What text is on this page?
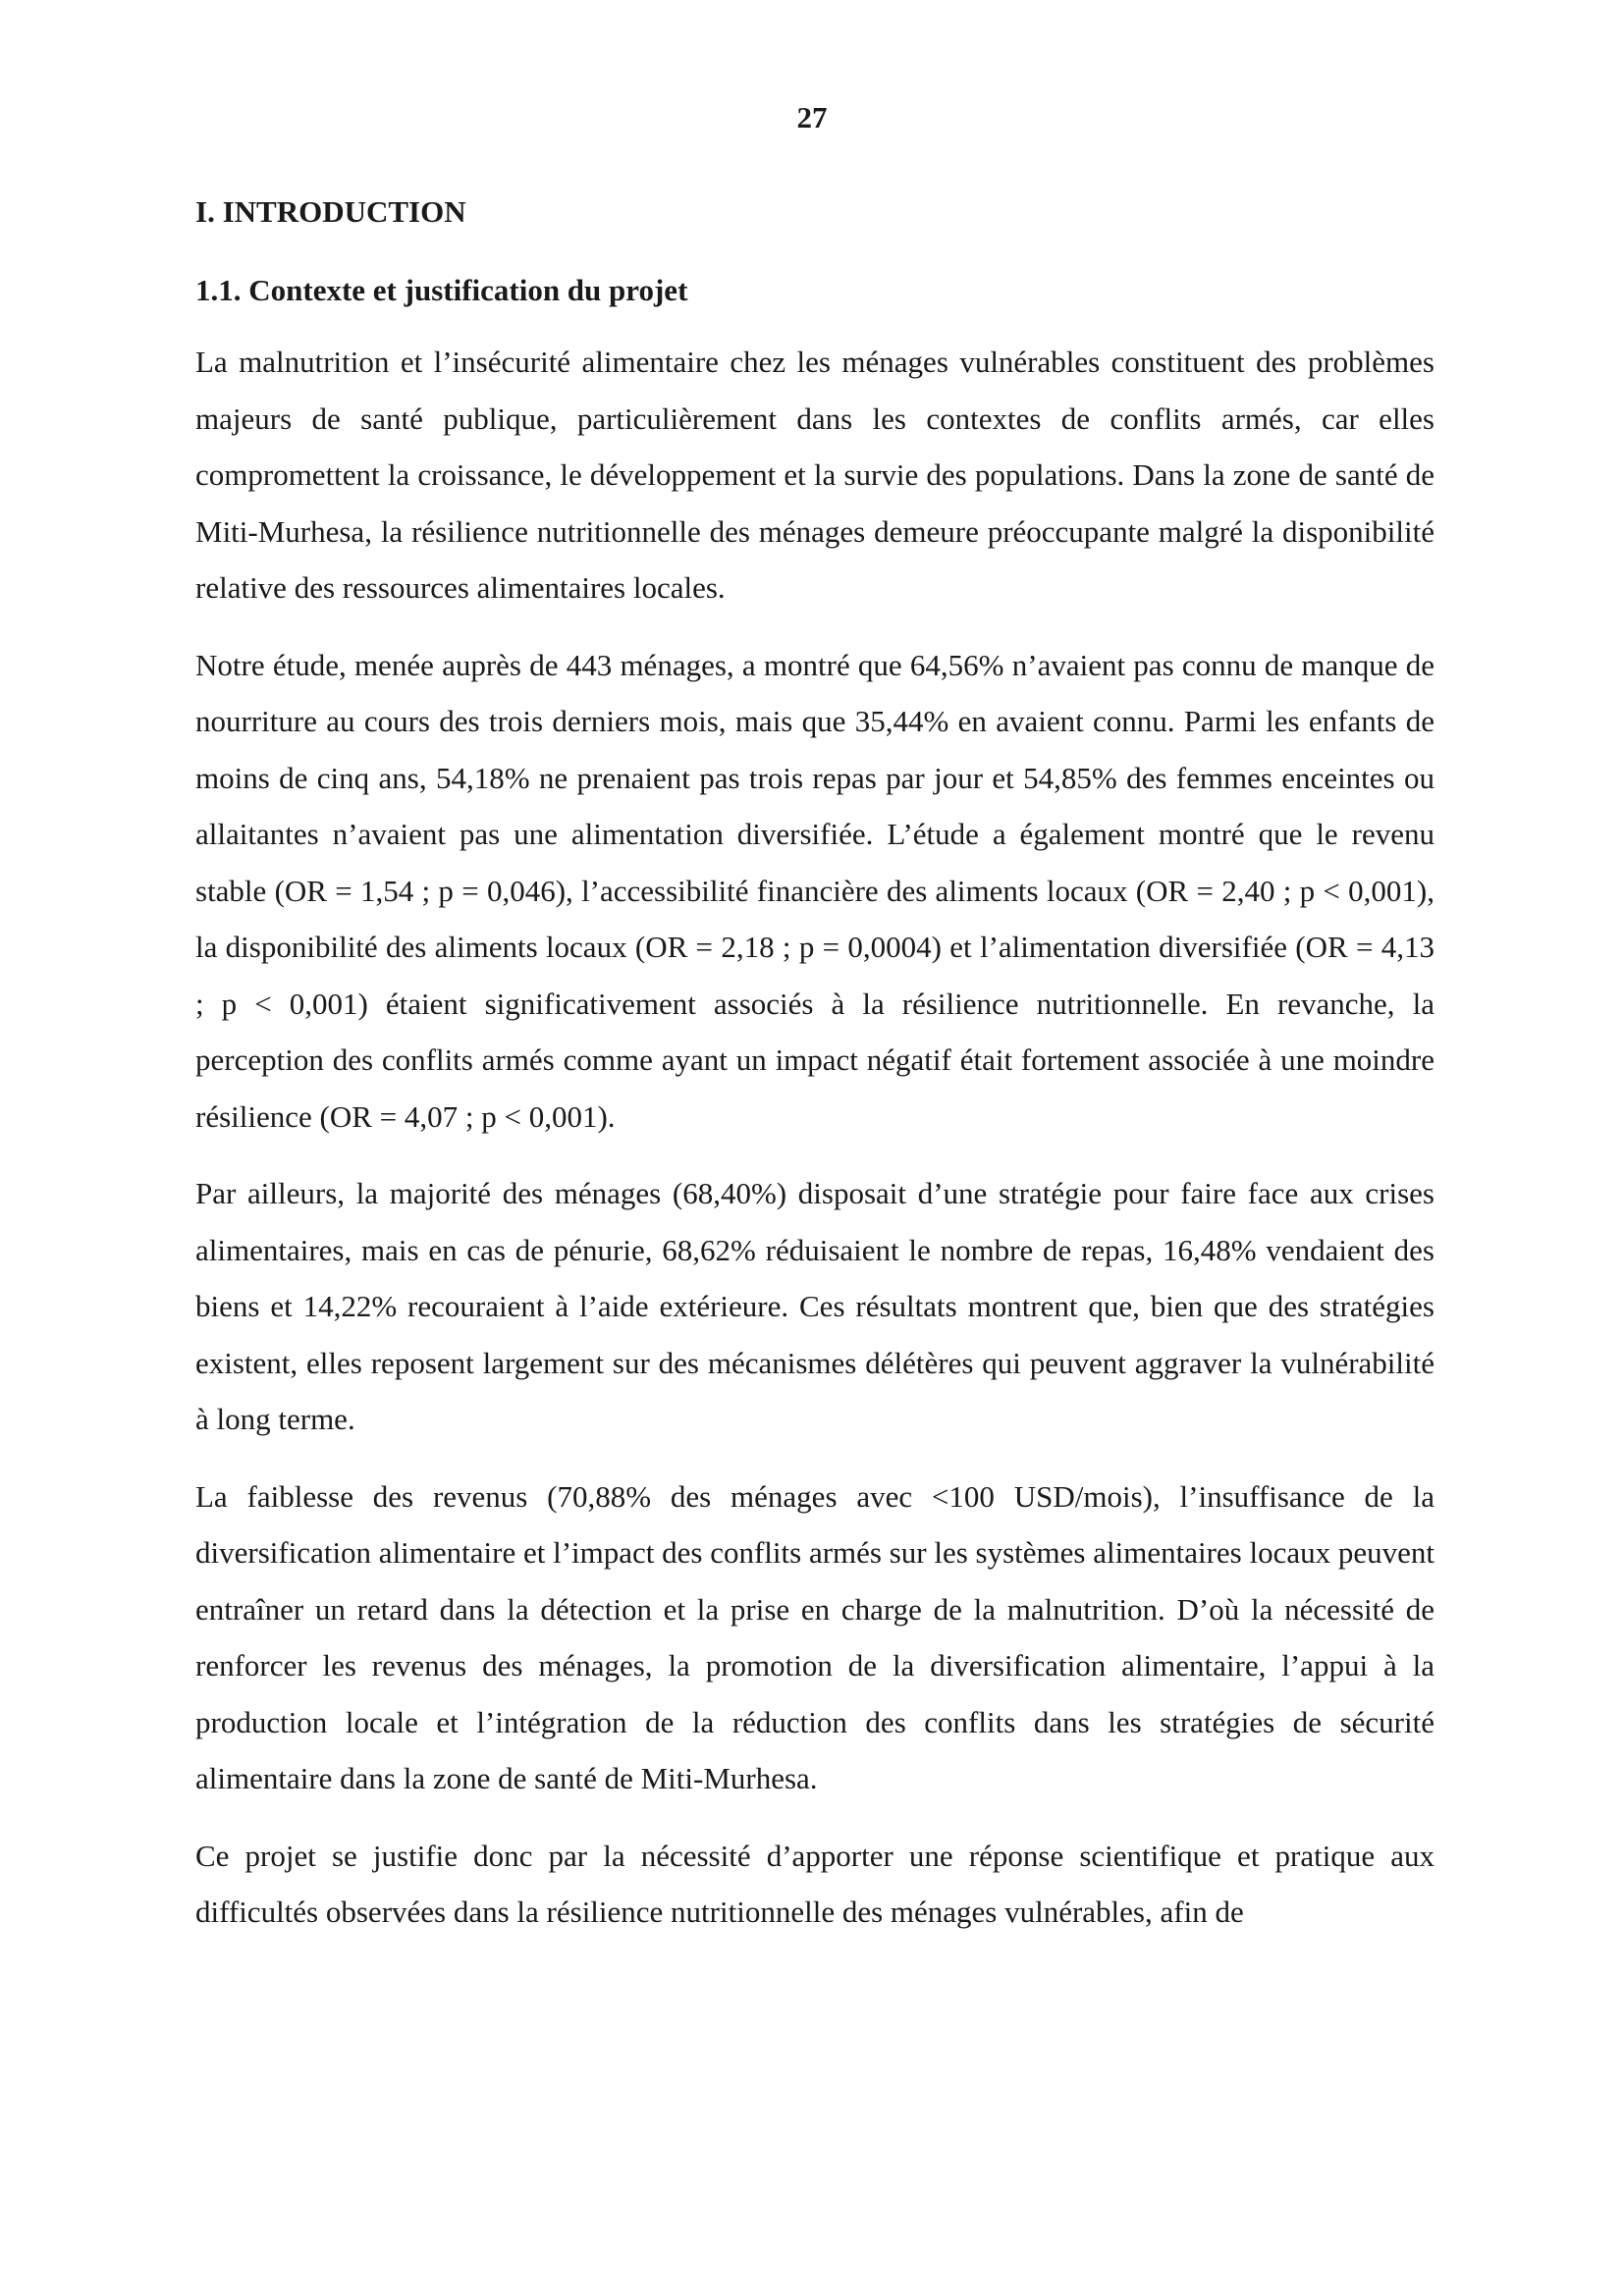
27
I. INTRODUCTION
1.1. Contexte et justification du projet

La malnutrition et l’insécurité alimentaire chez les ménages vulnérables constituent des problèmes majeurs de santé publique, particulièrement dans les contextes de conflits armés, car elles compromettent la croissance, le développement et la survie des populations. Dans la zone de santé de Miti-Murhesa, la résilience nutritionnelle des ménages demeure préoccupante malgré la disponibilité relative des ressources alimentaires locales.

Notre étude, menée auprès de 443 ménages, a montré que 64,56% n’avaient pas connu de manque de nourriture au cours des trois derniers mois, mais que 35,44% en avaient connu. Parmi les enfants de moins de cinq ans, 54,18% ne prenaient pas trois repas par jour et 54,85% des femmes enceintes ou allaitantes n’avaient pas une alimentation diversifiée. L’étude a également montré que le revenu stable (OR = 1,54 ; p = 0,046), l’accessibilité financière des aliments locaux (OR = 2,40 ; p < 0,001), la disponibilité des aliments locaux (OR = 2,18 ; p = 0,0004) et l’alimentation diversifiée (OR = 4,13 ; p < 0,001) étaient significativement associés à la résilience nutritionnelle. En revanche, la perception des conflits armés comme ayant un impact négatif était fortement associée à une moindre résilience (OR = 4,07 ; p < 0,001).

Par ailleurs, la majorité des ménages (68,40%) disposait d’une stratégie pour faire face aux crises alimentaires, mais en cas de pénurie, 68,62% réduisaient le nombre de repas, 16,48% vendaient des biens et 14,22% recouraient à l’aide extérieure. Ces résultats montrent que, bien que des stratégies existent, elles reposent largement sur des mécanismes délétères qui peuvent aggraver la vulnérabilité à long terme.

La faiblesse des revenus (70,88% des ménages avec <100 USD/mois), l’insuffisance de la diversification alimentaire et l’impact des conflits armés sur les systèmes alimentaires locaux peuvent entraîner un retard dans la détection et la prise en charge de la malnutrition. D’où la nécessité de renforcer les revenus des ménages, la promotion de la diversification alimentaire, l’appui à la production locale et l’intégration de la réduction des conflits dans les stratégies de sécurité alimentaire dans la zone de santé de Miti-Murhesa.

Ce projet se justifie donc par la nécessité d’apporter une réponse scientifique et pratique aux difficultés observées dans la résilience nutritionnelle des ménages vulnérables, afin de
